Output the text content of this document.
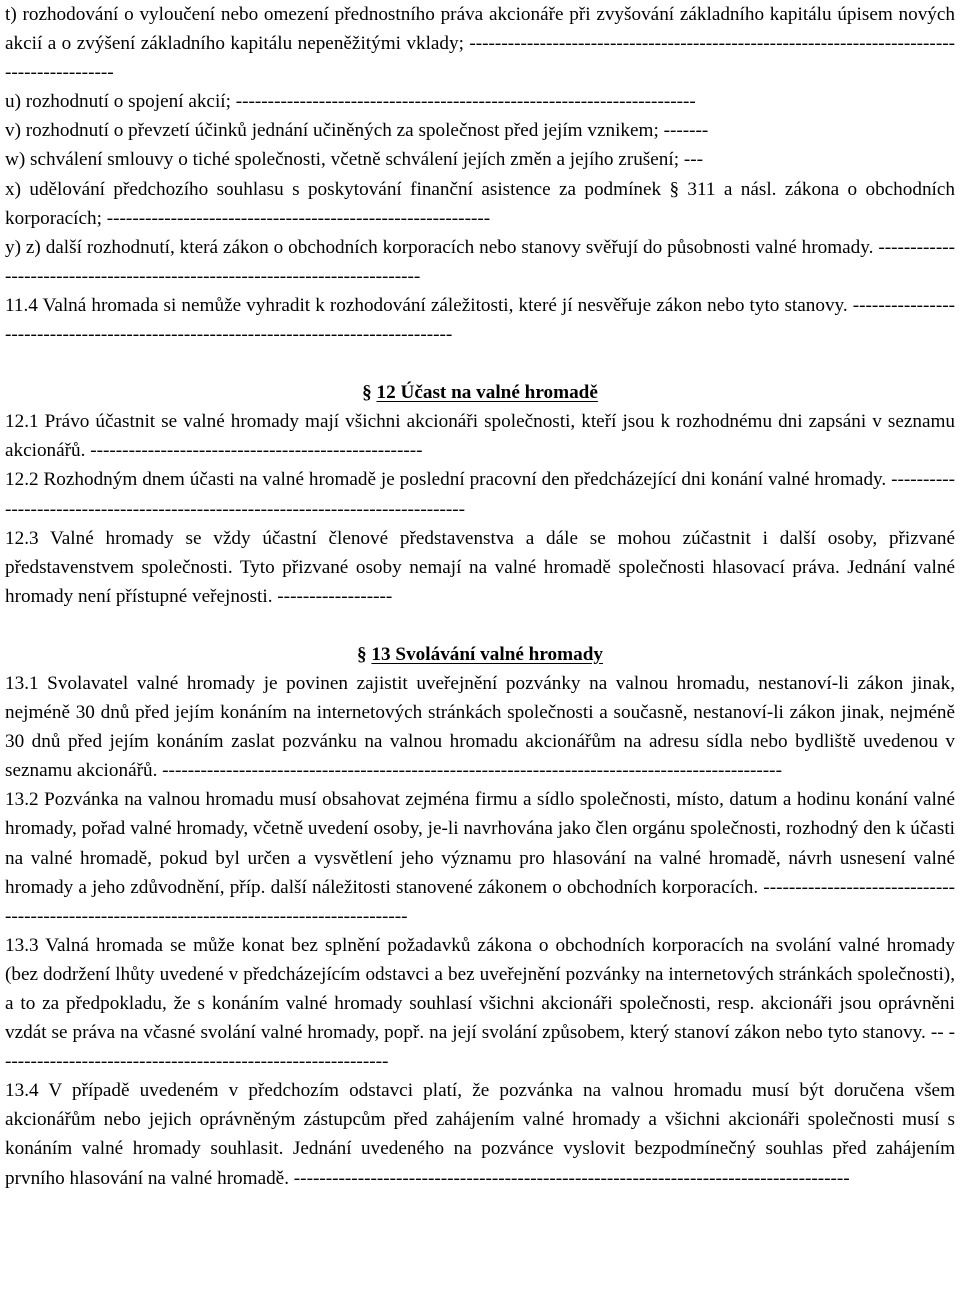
t) rozhodování o vyloučení nebo omezení přednostního práva akcionáře při zvyšování základního kapitálu úpisem nových akcií a o zvýšení základního kapitálu nepeněžitými vklady; ---------------------------------------------------------------------------------------------

u) rozhodnutí o spojení akcií; ------------------------------------------------------------------------

v) rozhodnutí o převzetí účinků jednání učiněných za společnost před jejím vznikem; -------

w) schválení smlouvy o tiché společnosti, včetně schválení jejích změn a jejího zrušení; ---

x) udělování předchozího souhlasu s poskytování finanční asistence za podmínek § 311 a násl. zákona o obchodních korporacích; ------------------------------------------------------------

y) z) další rozhodnutí, která zákon o obchodních korporacích nebo stanovy svěřují do působnosti valné hromady. -----------------------------------------------------------------------------

11.4 Valná hromada si nemůže vyhradit k rozhodování záležitosti, které jí nesvěřuje zákon nebo tyto stanovy. --------------------------------------------------------------------------------------

§ 12 Účast na valné hromadě

12.1 Právo účastnit se valné hromady mají všichni akcionáři společnosti, kteří jsou k rozhodnému dni zapsáni v seznamu akcionářů. ----------------------------------------------------

12.2 Rozhodným dnem účasti na valné hromadě je poslední pracovní den předcházející dni konání valné hromady. ----------------------------------------------------------------------------------

12.3 Valné hromady se vždy účastní členové představenstva a dále se mohou zúčastnit i další osoby, přizvané představenstvem společnosti. Tyto přizvané osoby nemají na valné hromadě společnosti hlasovací práva. Jednání valné hromady není přístupné veřejnosti. ------------------

§ 13 Svolávání valné hromady

13.1 Svolavatel valné hromady je povinen zajistit uveřejnění pozvánky na valnou hromadu, nestanoví-li zákon jinak, nejméně 30 dnů před jejím konáním na internetových stránkách společnosti a současně, nestanoví-li zákon jinak, nejméně 30 dnů před jejím konáním zaslat pozvánku na valnou hromadu akcionářům na adresu sídla nebo bydliště uvedenou v seznamu akcionářů. -------------------------------------------------------------------------------------------------

13.2 Pozvánka na valnou hromadu musí obsahovat zejména firmu a sídlo společnosti, místo, datum a hodinu konání valné hromady, pořad valné hromady, včetně uvedení osoby, je-li navrhována jako člen orgánu společnosti, rozhodný den k účasti na valné hromadě, pokud byl určen a vysvětlení jeho významu pro hlasování na valné hromadě, návrh usnesení valné hromady a jeho zdůvodnění, příp. další náležitosti stanovené zákonem o obchodních korporacích. ---------------------------------------------------------------------------------------------

13.3 Valná hromada se může konat bez splnění požadavků zákona o obchodních korporacích na svolání valné hromady (bez dodržení lhůty uvedené v předcházejícím odstavci a bez uveřejnění pozvánky na internetových stránkách společnosti), a to za předpokladu, že s konáním valné hromady souhlasí všichni akcionáři společnosti, resp. akcionáři jsou oprávněni vzdát se práva na včasné svolání valné hromady, popř. na její svolání způsobem, který stanoví zákon nebo tyto stanovy. -- -------------------------------------------------------------

13.4 V případě uvedeném v předchozím odstavci platí, že pozvánka na valnou hromadu musí být doručena všem akcionářům nebo jejich oprávněným zástupcům před zahájením valné hromady a všichni akcionáři společnosti musí s konáním valné hromady souhlasit. Jednání uvedeného na pozvánce vyslovit bezpodmínečný souhlas před zahájením prvního hlasování na valné hromadě. ---------------------------------------------------------------------------------------
